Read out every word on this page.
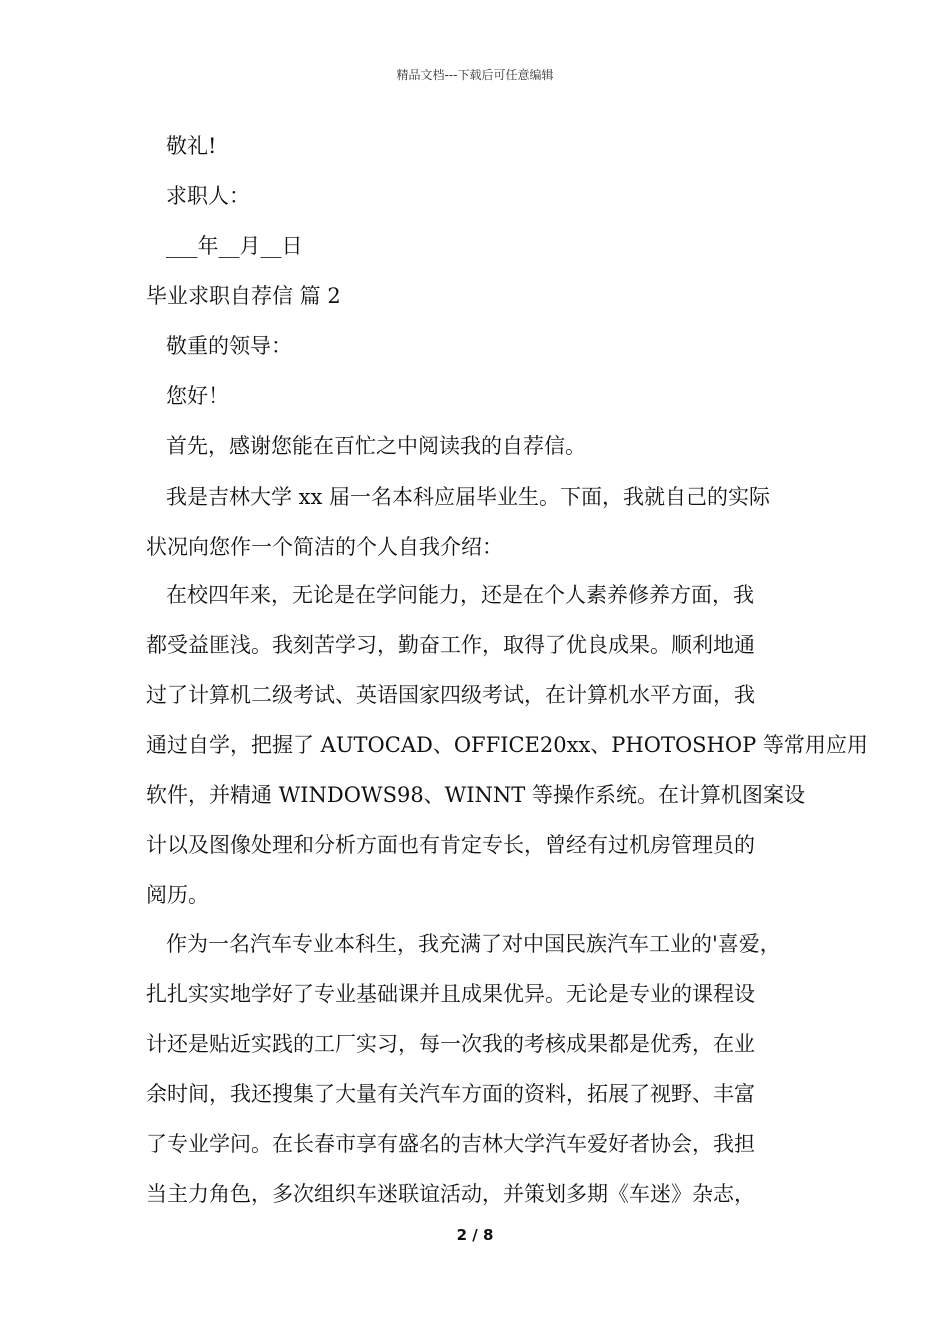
精品文档---下载后可任意编辑
敬礼!
求职人：
___年__月__日
毕业求职自荐信 篇 2
敬重的领导：
您好！
首先，感谢您能在百忙之中阅读我的自荐信。
我是吉林大学 xx 届一名本科应届毕业生。下面，我就自己的实际
状况向您作一个简洁的个人自我介绍：
在校四年来，无论是在学问能力，还是在个人素养修养方面，我
都受益匪浅。我刻苦学习，勤奋工作，取得了优良成果。顺利地通
过了计算机二级考试、英语国家四级考试，在计算机水平方面，我
通过自学，把握了 AUTOCAD、OFFICE20xx、PHOTOSHOP 等常用应用
软件，并精通 WINDOWS98、WINNT 等操作系统。在计算机图案设
计以及图像处理和分析方面也有肯定专长，曾经有过机房管理员的
阅历。
作为一名汽车专业本科生，我充满了对中国民族汽车工业的'喜爱，
扎扎实实地学好了专业基础课并且成果优异。无论是专业的课程设
计还是贴近实践的工厂实习，每一次我的考核成果都是优秀，在业
余时间，我还搜集了大量有关汽车方面的资料，拓展了视野、丰富
了专业学问。在长春市享有盛名的吉林大学汽车爱好者协会，我担
当主力角色，多次组织车迷联谊活动，并策划多期《车迷》杂志，
2 / 8
